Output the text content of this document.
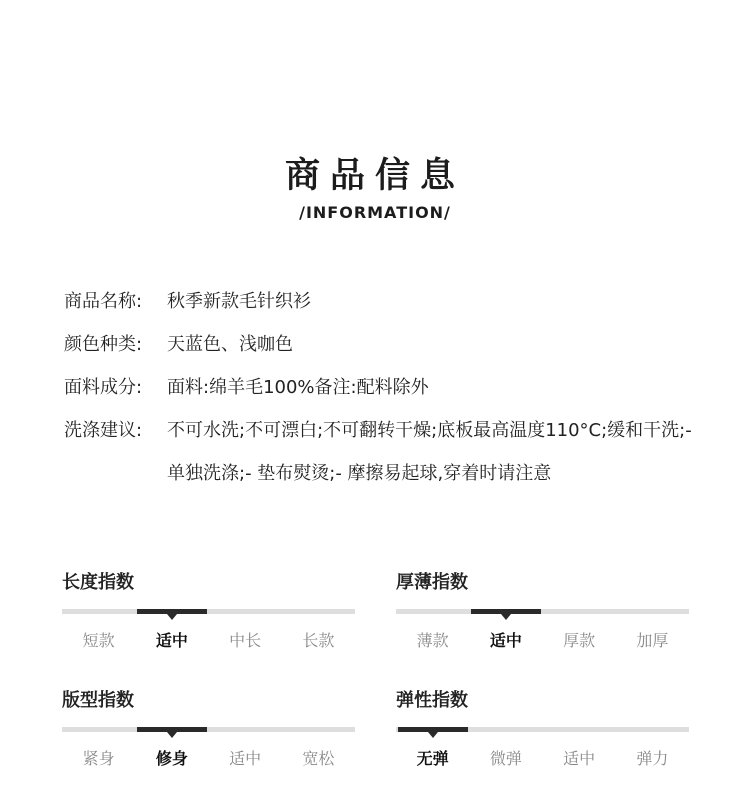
商品信息
/INFORMATION/
商品名称:	秋季新款毛针织衫
颜色种类:	天蓝色、浅咖色
面料成分:	面料:绵羊毛100%备注:配料除外
洗涤建议:	不可水洗;不可漂白;不可翻转干燥;底板最高温度110°C;缓和干洗;- 单独洗涤;- 垫布熨烫;- 摩擦易起球,穿着时请注意
长度指数
短款	适中	中长	长款
厚薄指数
薄款	适中	厚款	加厚
版型指数
紧身	修身	适中	宽松
弹性指数
无弹	微弹	适中	弹力
